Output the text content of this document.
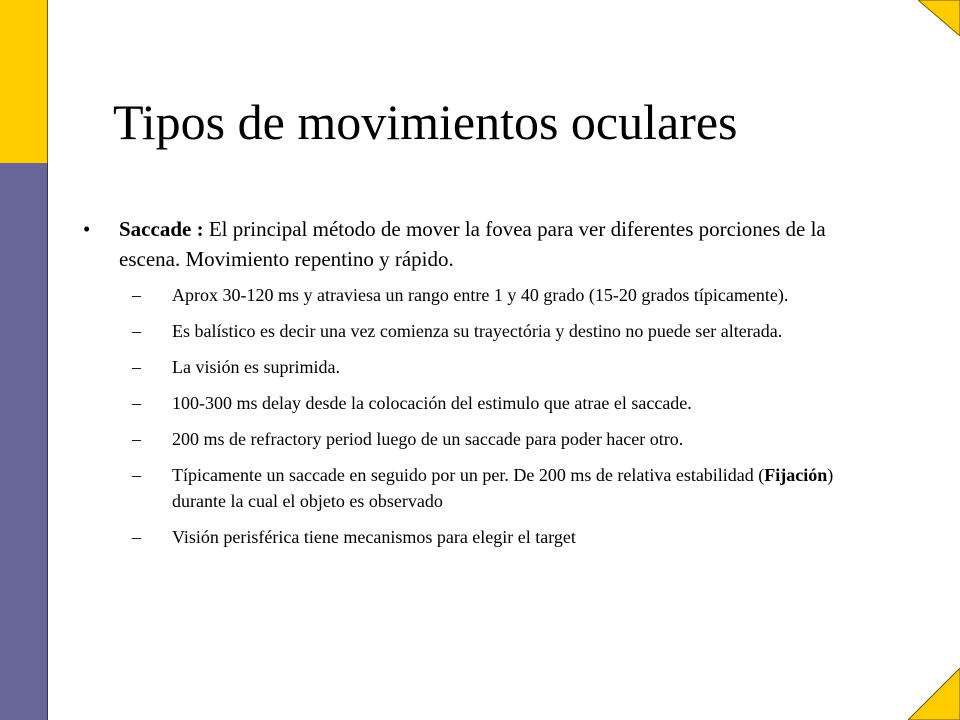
Tipos de movimientos oculares

•	Saccade : El principal método de mover la fovea para ver diferentes porciones de la escena. Movimiento repentino y rápido.

–	Aprox 30-120 ms y atraviesa un rango entre 1 y 40 grado (15-20 grados típicamente).
–	Es balístico es decir una vez comienza su trayectória y destino no puede ser alterada.
–	La visión es suprimida.
–	100-300 ms delay desde la colocación del estimulo que atrae el saccade.
–	200 ms de refractory period luego de un saccade para poder hacer otro.
–	Típicamente un saccade en seguido por un per. De 200 ms de relativa estabilidad (Fijación) durante la cual el objeto es observado
–	Visión perisférica tiene mecanismos para elegir el target
